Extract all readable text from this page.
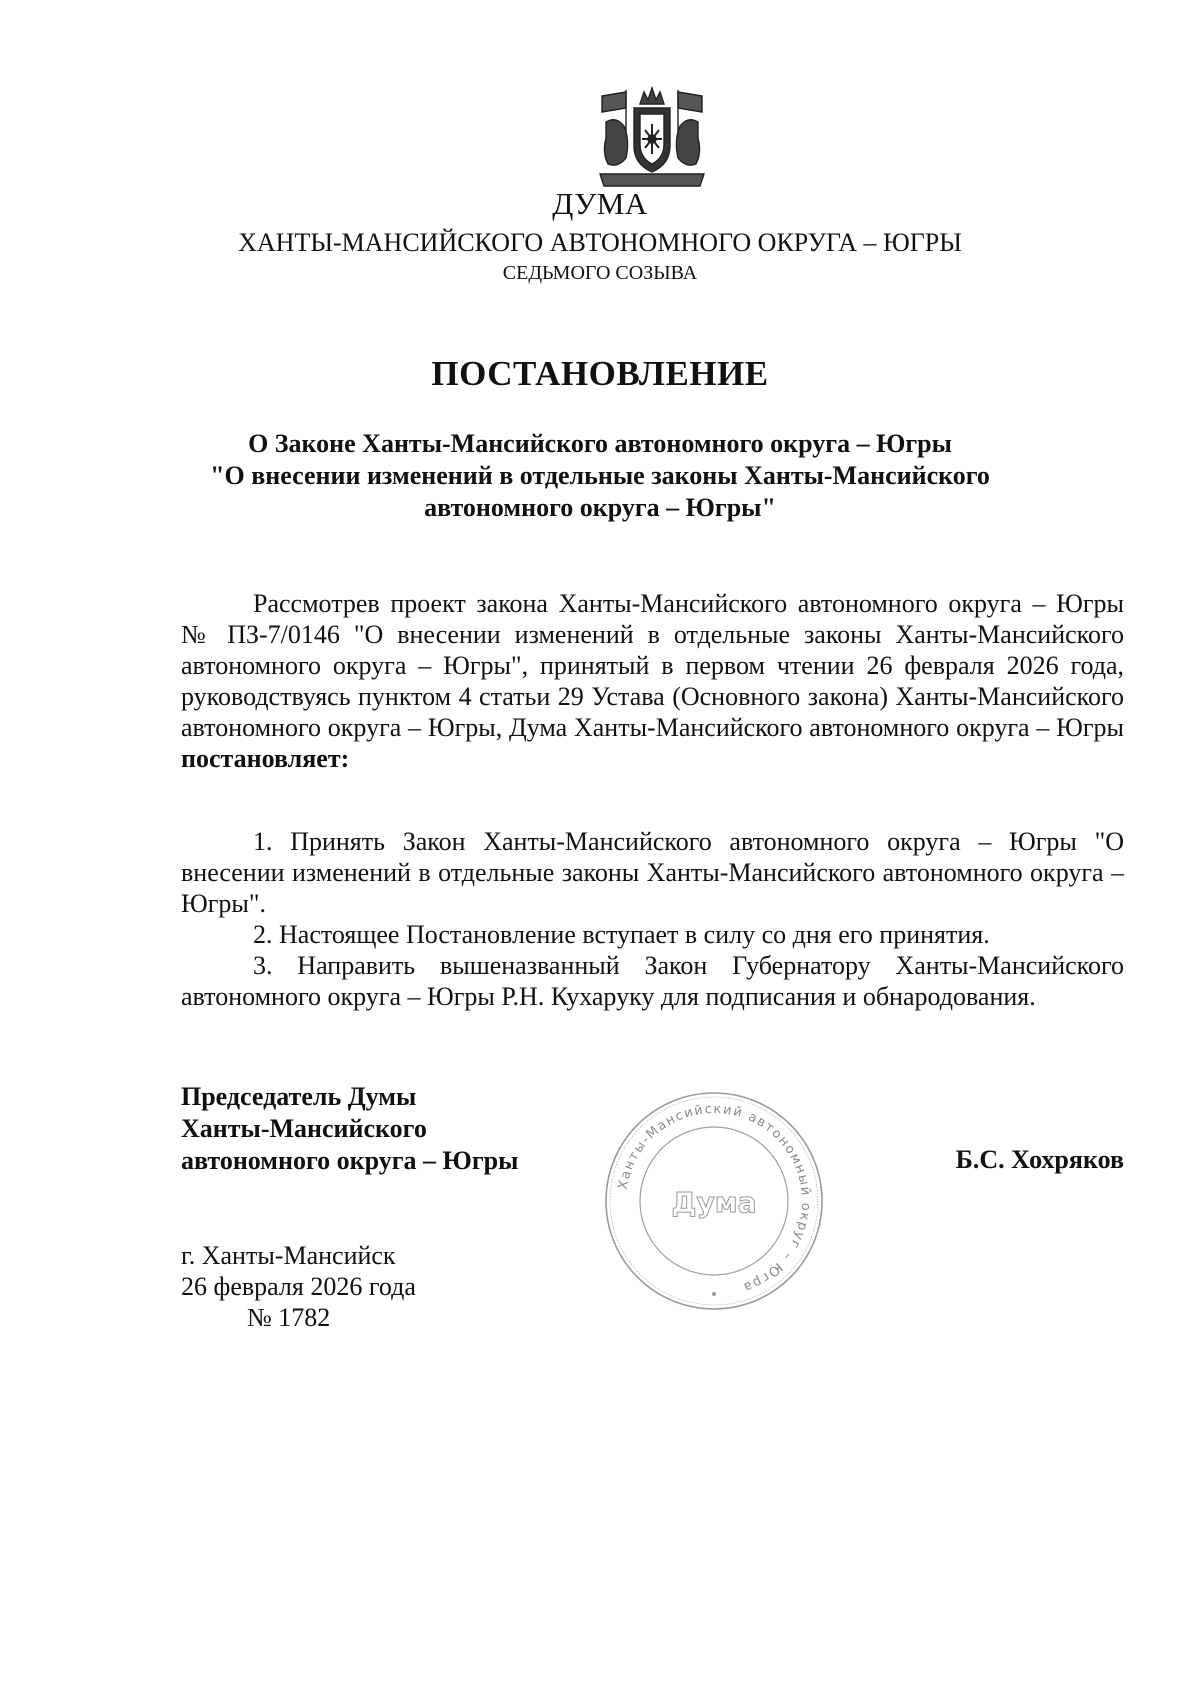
ДУМА
ХАНТЫ-МАНСИЙСКОГО АВТОНОМНОГО ОКРУГА – ЮГРЫ
СЕДЬМОГО СОЗЫВА
ПОСТАНОВЛЕНИЕ
О Законе Ханты-Мансийского автономного округа – Югры
"О внесении изменений в отдельные законы Ханты-Мансийского
автономного округа – Югры"
Рассмотрев проект закона Ханты-Мансийского автономного округа – Югры № ПЗ-7/0146 "О внесении изменений в отдельные законы Ханты-Мансийского автономного округа – Югры", принятый в первом чтении 26 февраля 2026 года, руководствуясь пунктом 4 статьи 29 Устава (Основного закона) Ханты-Мансийского автономного округа – Югры, Дума Ханты-Мансийского автономного округа – Югры постановляет:
1. Принять Закон Ханты-Мансийского автономного округа – Югры "О внесении изменений в отдельные законы Ханты-Мансийского автономного округа – Югры".
2. Настоящее Постановление вступает в силу со дня его принятия.
3. Направить вышеназванный Закон Губернатору Ханты-Мансийского автономного округа – Югры Р.Н. Кухаруку для подписания и обнародования.
Председатель Думы
Ханты-Мансийского
автономного округа – Югры
Ханты-Мансийский автономный округ – Югра
Дума
Б.С. Хохряков
г. Ханты-Мансийск
26 февраля 2026 года
№ 1782
